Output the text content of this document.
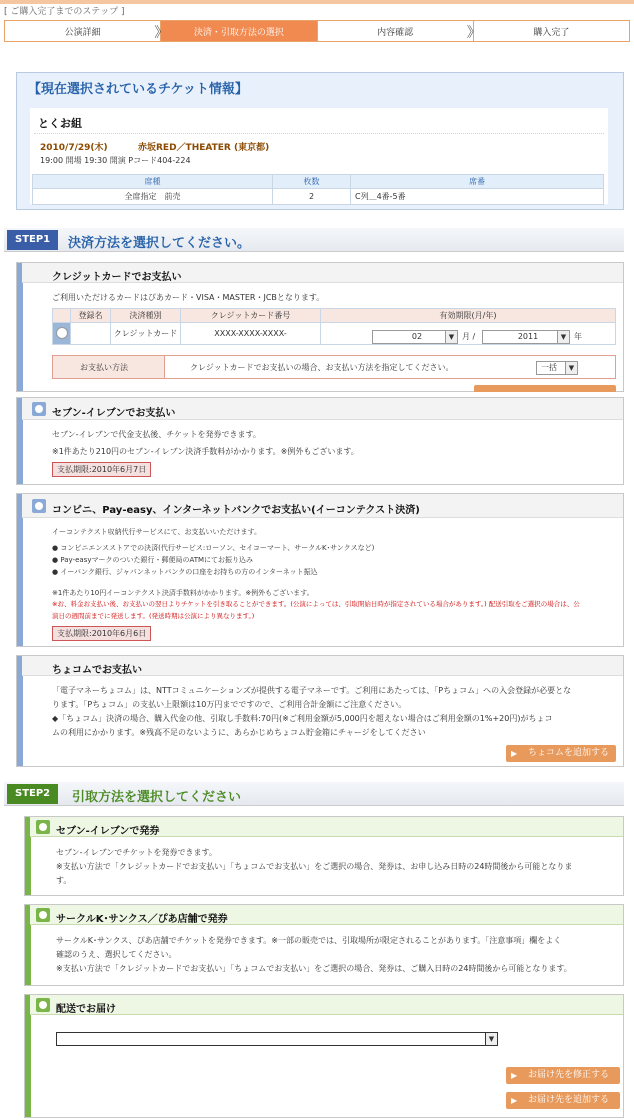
[ ご購入完了までのステップ ]
公演詳細	》	決済・引取方法の選択 》	内容確認	》	購入完了
【現在選択されているチケット情報】
とくお組
2010/7/29(木)	赤坂RED／THEATER (東京都)
19:00 開場 19:30 開演 Pコード404-224
席種	枚数	席番
全席指定　前売	2	C列＿4番-5番
STEP1	決済方法を選択してください。
クレジットカードでお支払い
ご利用いただけるカードはぴあカード・VISA・MASTER・JCBとなります。
	登録名	決済種別	クレジットカード番号	有効期限(月/年)
		クレジットカード	XXXX-XXXX-XXXX-		02	▼ 月 /	2011	▼ 年
お支払い方法	クレジットカードでお支払いの場合、お支払い方法を指定してください。	一括	▼
セブン-イレブンでお支払い
セブン-イレブンで代金支払後、チケットを発券できます。
※1件あたり210円のセブン-イレブン決済手数料がかかります。※例外もございます。
支払期限:2010年6月7日
コンビニ、Pay-easy、インターネットバンクでお支払い(イーコンテクスト決済)
イーコンテクスト収納代行サービスにて、お支払いいただけます。
● コンビニエンスストアでの決済(代行サービス:ローソン、セイコーマート、サークルK･サンクスなど)
● Pay-easyマークのついた銀行・郵便局のATMにてお振り込み
● イーバンク銀行、ジャパンネットバンクの口座をお持ちの方のインターネット振込
※1件あたり10円イーコンテクスト決済手数料がかかります。※例外もございます。
※お、料金お支払い後、お支払いの翌日よりチケットを引き取ることができます。(公演によっては、引取開始日時が指定されている場合があります。) 配送引取をご選択の場合は、公
演日の週間前までに発送します。(発送時期は公演により異なります。)
支払期限:2010年6月6日
ちょコムでお支払い
「電子マネーちょコム」は、NTTコミュニケーションズが提供する電子マネーです。ご利用にあたっては、「Pちょコム」への入会登録が必要とな
ります。「Pちょコム」の支払い上限額は10万円までですので、ご利用合計金額にご注意ください。
◆「ちょコム」決済の場合、購入代金の他、引取し手数料:70円(※ご利用金額が5,000円を超えない場合はご利用金額の1%+20円)がちょコ
ムの利用にかかります。※残高不足のないように、あらかじめちょコム貯金箱にチャージをしてください
▶ ちょコムを追加する
STEP2	引取方法を選択してください
セブン-イレブンで発券
セブン-イレブンでチケットを発券できます。
※支払い方法で「クレジットカードでお支払い」「ちょコムでお支払い」をご選択の場合、発券は、お申し込み日時の24時間後から可能となりま
す。
サークルK･サンクス／ぴあ店舗で発券
サークルK･サンクス、ぴあ店舗でチケットを発券できます。※一部の販売では、引取場所が限定されることがあります。「注意事項」欄をよく
確認のうえ、選択してください。
※支払い方法で「クレジットカードでお支払い」「ちょコムでお支払い」をご選択の場合、発券は、ご購入日時の24時間後から可能となります。
配送でお届け
▼
▶ お届け先を修正する
▶ お届け先を追加する
